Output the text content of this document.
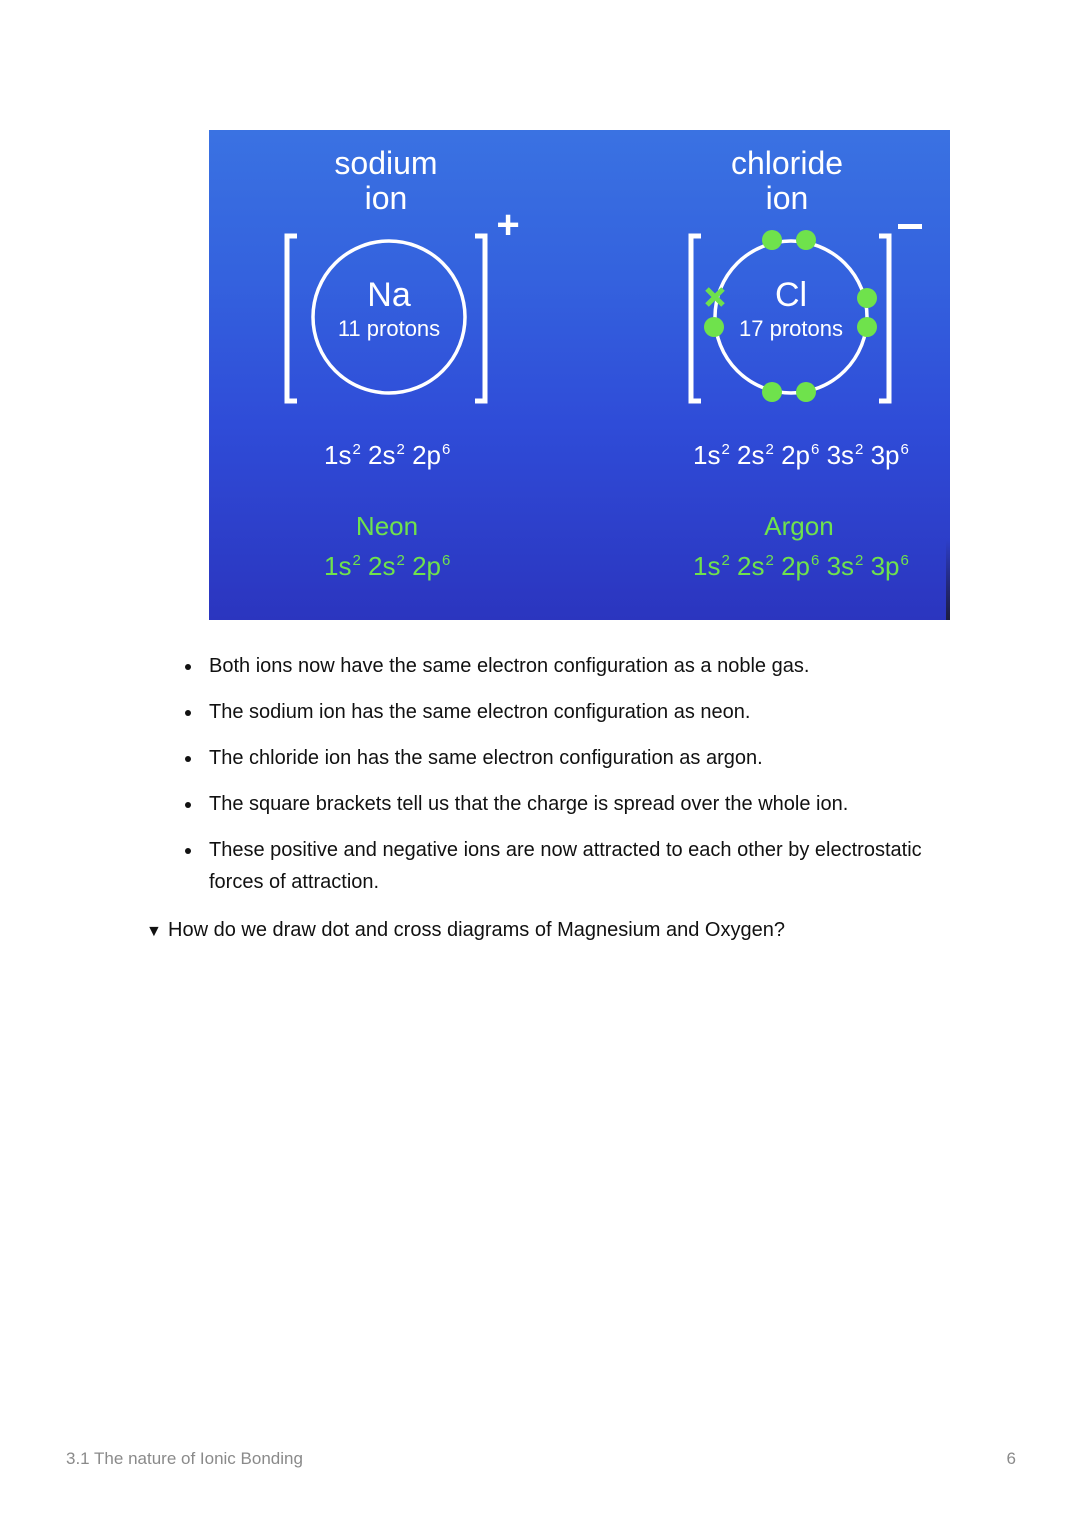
sodium
ion
Na
11 protons
+
$1s^2$ $2s^2$ $2p^6$
Neon
$1s^2$ $2s^2$ $2p^6$
chloride
ion
Cl
17 protons
$1s^2$ $2s^2$ $2p^6$ $3s^2$ $3p^6$
Argon
$1s^2$ $2s^2$ $2p^6$ $3s^2$ $3p^6$
Both ions now have the same electron configuration as a noble gas.
The sodium ion has the same electron configuration as neon.
The chloride ion has the same electron configuration as argon.
The square brackets tell us that the charge is spread over the whole ion.
These positive and negative ions are now attracted to each other by electrostatic forces of attraction.
▼ How do we draw dot and cross diagrams of Magnesium and Oxygen?
3.1 The nature of Ionic Bonding	6
